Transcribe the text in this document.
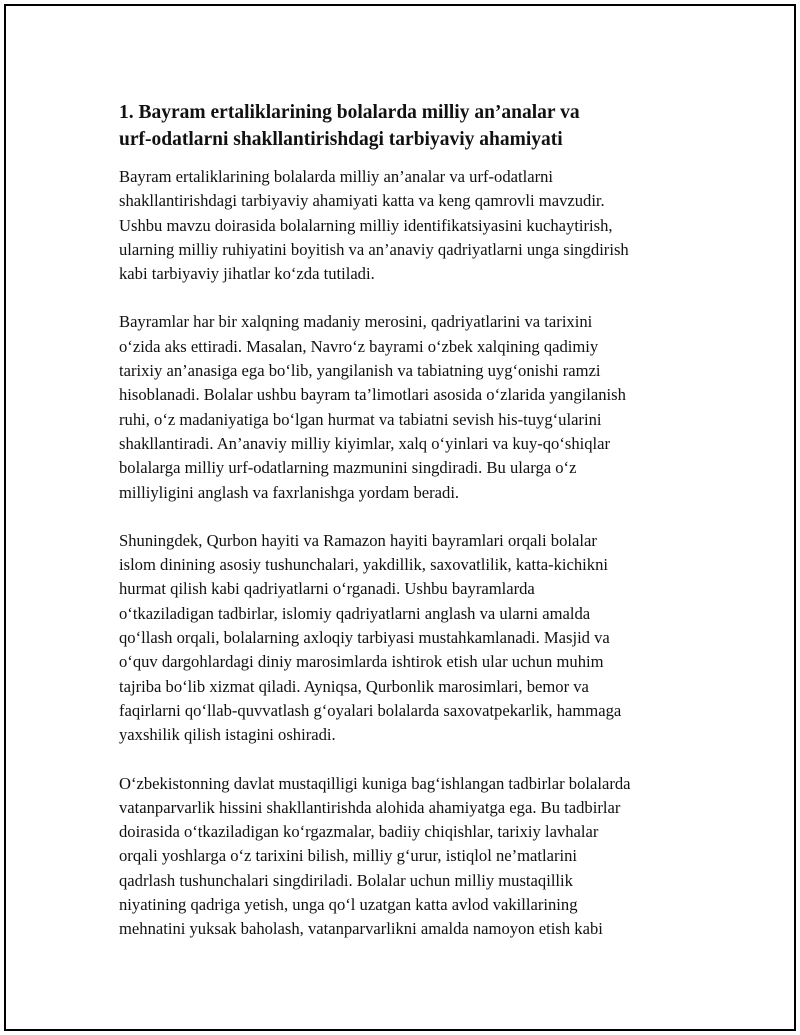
1. Bayram ertaliklarining bolalarda milliy an’analar va
urf-odatlarni shakllantirishdagi tarbiyaviy ahamiyati
Bayram ertaliklarining bolalarda milliy an’analar va urf-odatlarni
shakllantirishdagi tarbiyaviy ahamiyati katta va keng qamrovli mavzudir.
Ushbu mavzu doirasida bolalarning milliy identifikatsiyasini kuchaytirish,
ularning milliy ruhiyatini boyitish va an’anaviy qadriyatlarni unga singdirish
kabi tarbiyaviy jihatlar ko‘zda tutiladi.
Bayramlar har bir xalqning madaniy merosini, qadriyatlarini va tarixini
o‘zida aks ettiradi. Masalan, Navro‘z bayrami o‘zbek xalqining qadimiy
tarixiy an’anasiga ega bo‘lib, yangilanish va tabiatning uyg‘onishi ramzi
hisoblanadi. Bolalar ushbu bayram ta’limotlari asosida o‘zlarida yangilanish
ruhi, o‘z madaniyatiga bo‘lgan hurmat va tabiatni sevish his-tuyg‘ularini
shakllantiradi. An’anaviy milliy kiyimlar, xalq o‘yinlari va kuy-qo‘shiqlar
bolalarga milliy urf-odatlarning mazmunini singdiradi. Bu ularga o‘z
milliyligini anglash va faxrlanishga yordam beradi.
Shuningdek, Qurbon hayiti va Ramazon hayiti bayramlari orqali bolalar
islom dinining asosiy tushunchalari, yakdillik, saxovatlilik, katta-kichikni
hurmat qilish kabi qadriyatlarni o‘rganadi. Ushbu bayramlarda
o‘tkaziladigan tadbirlar, islomiy qadriyatlarni anglash va ularni amalda
qo‘llash orqali, bolalarning axloqiy tarbiyasi mustahkamlanadi. Masjid va
o‘quv dargohlardagi diniy marosimlarda ishtirok etish ular uchun muhim
tajriba bo‘lib xizmat qiladi. Ayniqsa, Qurbonlik marosimlari, bemor va
faqirlarni qo‘llab-quvvatlash g‘oyalari bolalarda saxovatpekarlik, hammaga
yaxshilik qilish istagini oshiradi.
O‘zbekistonning davlat mustaqilligi kuniga bag‘ishlangan tadbirlar bolalarda
vatanparvarlik hissini shakllantirishda alohida ahamiyatga ega. Bu tadbirlar
doirasida o‘tkaziladigan ko‘rgazmalar, badiiy chiqishlar, tarixiy lavhalar
orqali yoshlarga o‘z tarixini bilish, milliy g‘urur, istiqlol ne’matlarini
qadrlash tushunchalari singdiriladi. Bolalar uchun milliy mustaqillik
niyatining qadriga yetish, unga qo‘l uzatgan katta avlod vakillarining
mehnatini yuksak baholash, vatanparvarlikni amalda namoyon etish kabi
